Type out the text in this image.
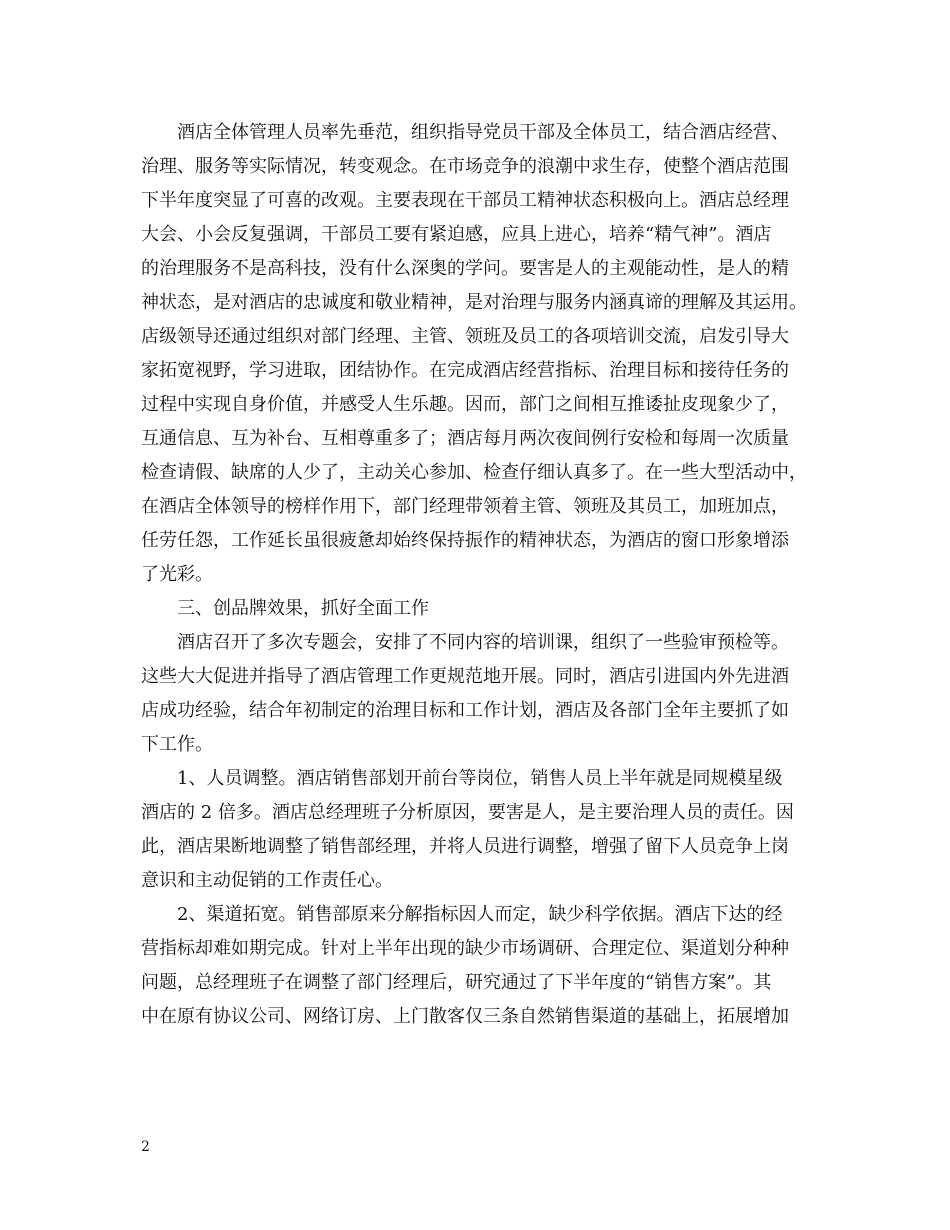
酒店全体管理人员率先垂范，组织指导党员干部及全体员工，结合酒店经营、
治理、服务等实际情况，转变观念。在市场竞争的浪潮中求生存，使整个酒店范围
下半年度突显了可喜的改观。主要表现在干部员工精神状态积极向上。酒店总经理
大会、小会反复强调，干部员工要有紧迫感，应具上进心，培养“精气神”。酒店
的治理服务不是高科技，没有什么深奥的学问。要害是人的主观能动性，是人的精
神状态，是对酒店的忠诚度和敬业精神，是对治理与服务内涵真谛的理解及其运用。
店级领导还通过组织对部门经理、主管、领班及员工的各项培训交流，启发引导大
家拓宽视野，学习进取，团结协作。在完成酒店经营指标、治理目标和接待任务的
过程中实现自身价值，并感受人生乐趣。因而，部门之间相互推诿扯皮现象少了，
互通信息、互为补台、互相尊重多了；酒店每月两次夜间例行安检和每周一次质量
检查请假、缺席的人少了，主动关心参加、检查仔细认真多了。在一些大型活动中，
在酒店全体领导的榜样作用下，部门经理带领着主管、领班及其员工，加班加点，
任劳任怨，工作延长虽很疲惫却始终保持振作的精神状态，为酒店的窗口形象增添
了光彩。
三、创品牌效果，抓好全面工作
酒店召开了多次专题会，安排了不同内容的培训课，组织了一些验审预检等。
这些大大促进并指导了酒店管理工作更规范地开展。同时，酒店引进国内外先进酒
店成功经验，结合年初制定的治理目标和工作计划，酒店及各部门全年主要抓了如
下工作。
1、人员调整。酒店销售部划开前台等岗位，销售人员上半年就是同规模星级
酒店的 2 倍多。酒店总经理班子分析原因，要害是人，是主要治理人员的责任。因
此，酒店果断地调整了销售部经理，并将人员进行调整，增强了留下人员竞争上岗
意识和主动促销的工作责任心。
2、渠道拓宽。销售部原来分解指标因人而定，缺少科学依据。酒店下达的经
营指标却难如期完成。针对上半年出现的缺少市场调研、合理定位、渠道划分种种
问题，总经理班子在调整了部门经理后，研究通过了下半年度的“销售方案”。其
中在原有协议公司、网络订房、上门散客仅三条自然销售渠道的基础上，拓展增加
2
